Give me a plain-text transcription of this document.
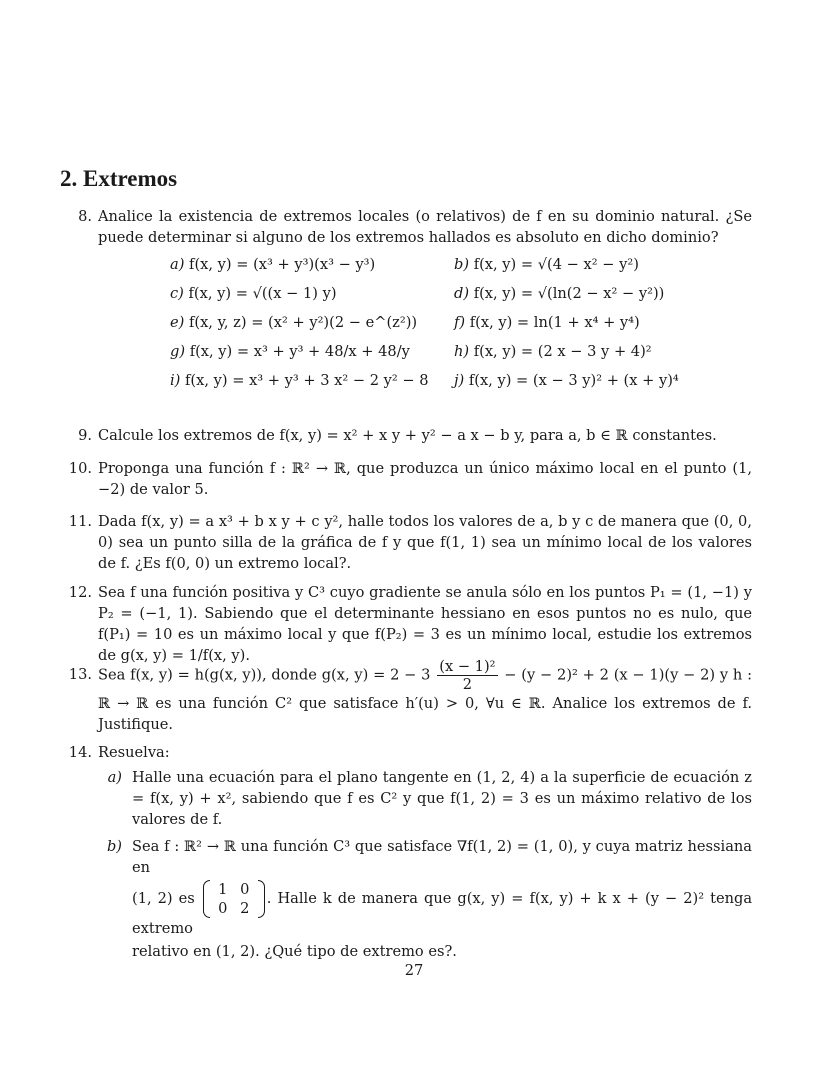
2. Extremos
8. Analice la existencia de extremos locales (o relativos) de f en su dominio natural. ¿Se puede determinar si alguno de los extremos hallados es absoluto en dicho dominio?
a) f(x, y) = (x³ + y³)(x³ − y³)	b) f(x, y) = √(4 − x² − y²)
c) f(x, y) = √((x − 1) y)	d) f(x, y) = √(ln(2 − x² − y²))
e) f(x, y, z) = (x² + y²)(2 − e^(z²))	f) f(x, y) = ln(1 + x⁴ + y⁴)
g) f(x, y) = x³ + y³ + 48/x + 48/y	h) f(x, y) = (2 x − 3 y + 4)²
i) f(x, y) = x³ + y³ + 3 x² − 2 y² − 8	j) f(x, y) = (x − 3 y)² + (x + y)⁴
9. Calcule los extremos de f(x, y) = x² + x y + y² − a x − b y, para a, b ∈ ℝ constantes.
10. Proponga una función f : ℝ² → ℝ, que produzca un único máximo local en el punto (1, −2) de valor 5.
11. Dada f(x, y) = a x³ + b x y + c y², halle todos los valores de a, b y c de manera que (0, 0, 0) sea un punto silla de la gráfica de f y que f(1, 1) sea un mínimo local de los valores de f. ¿Es f(0, 0) un extremo local?.
12. Sea f una función positiva y C³ cuyo gradiente se anula sólo en los puntos P₁ = (1, −1) y P₂ = (−1, 1). Sabiendo que el determinante hessiano en esos puntos no es nulo, que f(P₁) = 10 es un máximo local y que f(P₂) = 3 es un mínimo local, estudie los extremos de g(x, y) = 1/f(x, y).
13. Sea f(x, y) = h(g(x, y)), donde g(x, $y) = 2 - 3 \frac{\text{(x − 1)²}}{2} - (y - 2)^2 + 2$ (x − 1)(y − 2) y h : ℝ → ℝ es una función C² que satisface h′(u) > 0, ∀u ∈ ℝ. Analice los extremos de f. Justifique.
14. Resuelva:
a) Halle una ecuación para el plano tangente en (1, 2, 4) a la superficie de ecuación z = f(x, y) + x², sabiendo que f es C² y que f(1, 2) = 3 es un máximo relativo de los valores de f.
b) Sea f : ℝ² → ℝ una función C³ que satisface ∇f(1, 2) = (1, 0), y cuya matriz hessiana en
(1, 2) es
1 0
0 2
. Halle k de manera que g(x, y) = f(x, y) + k x + (y − 2)² tenga extremo
relativo en (1, 2). ¿Qué tipo de extremo es?.
27
